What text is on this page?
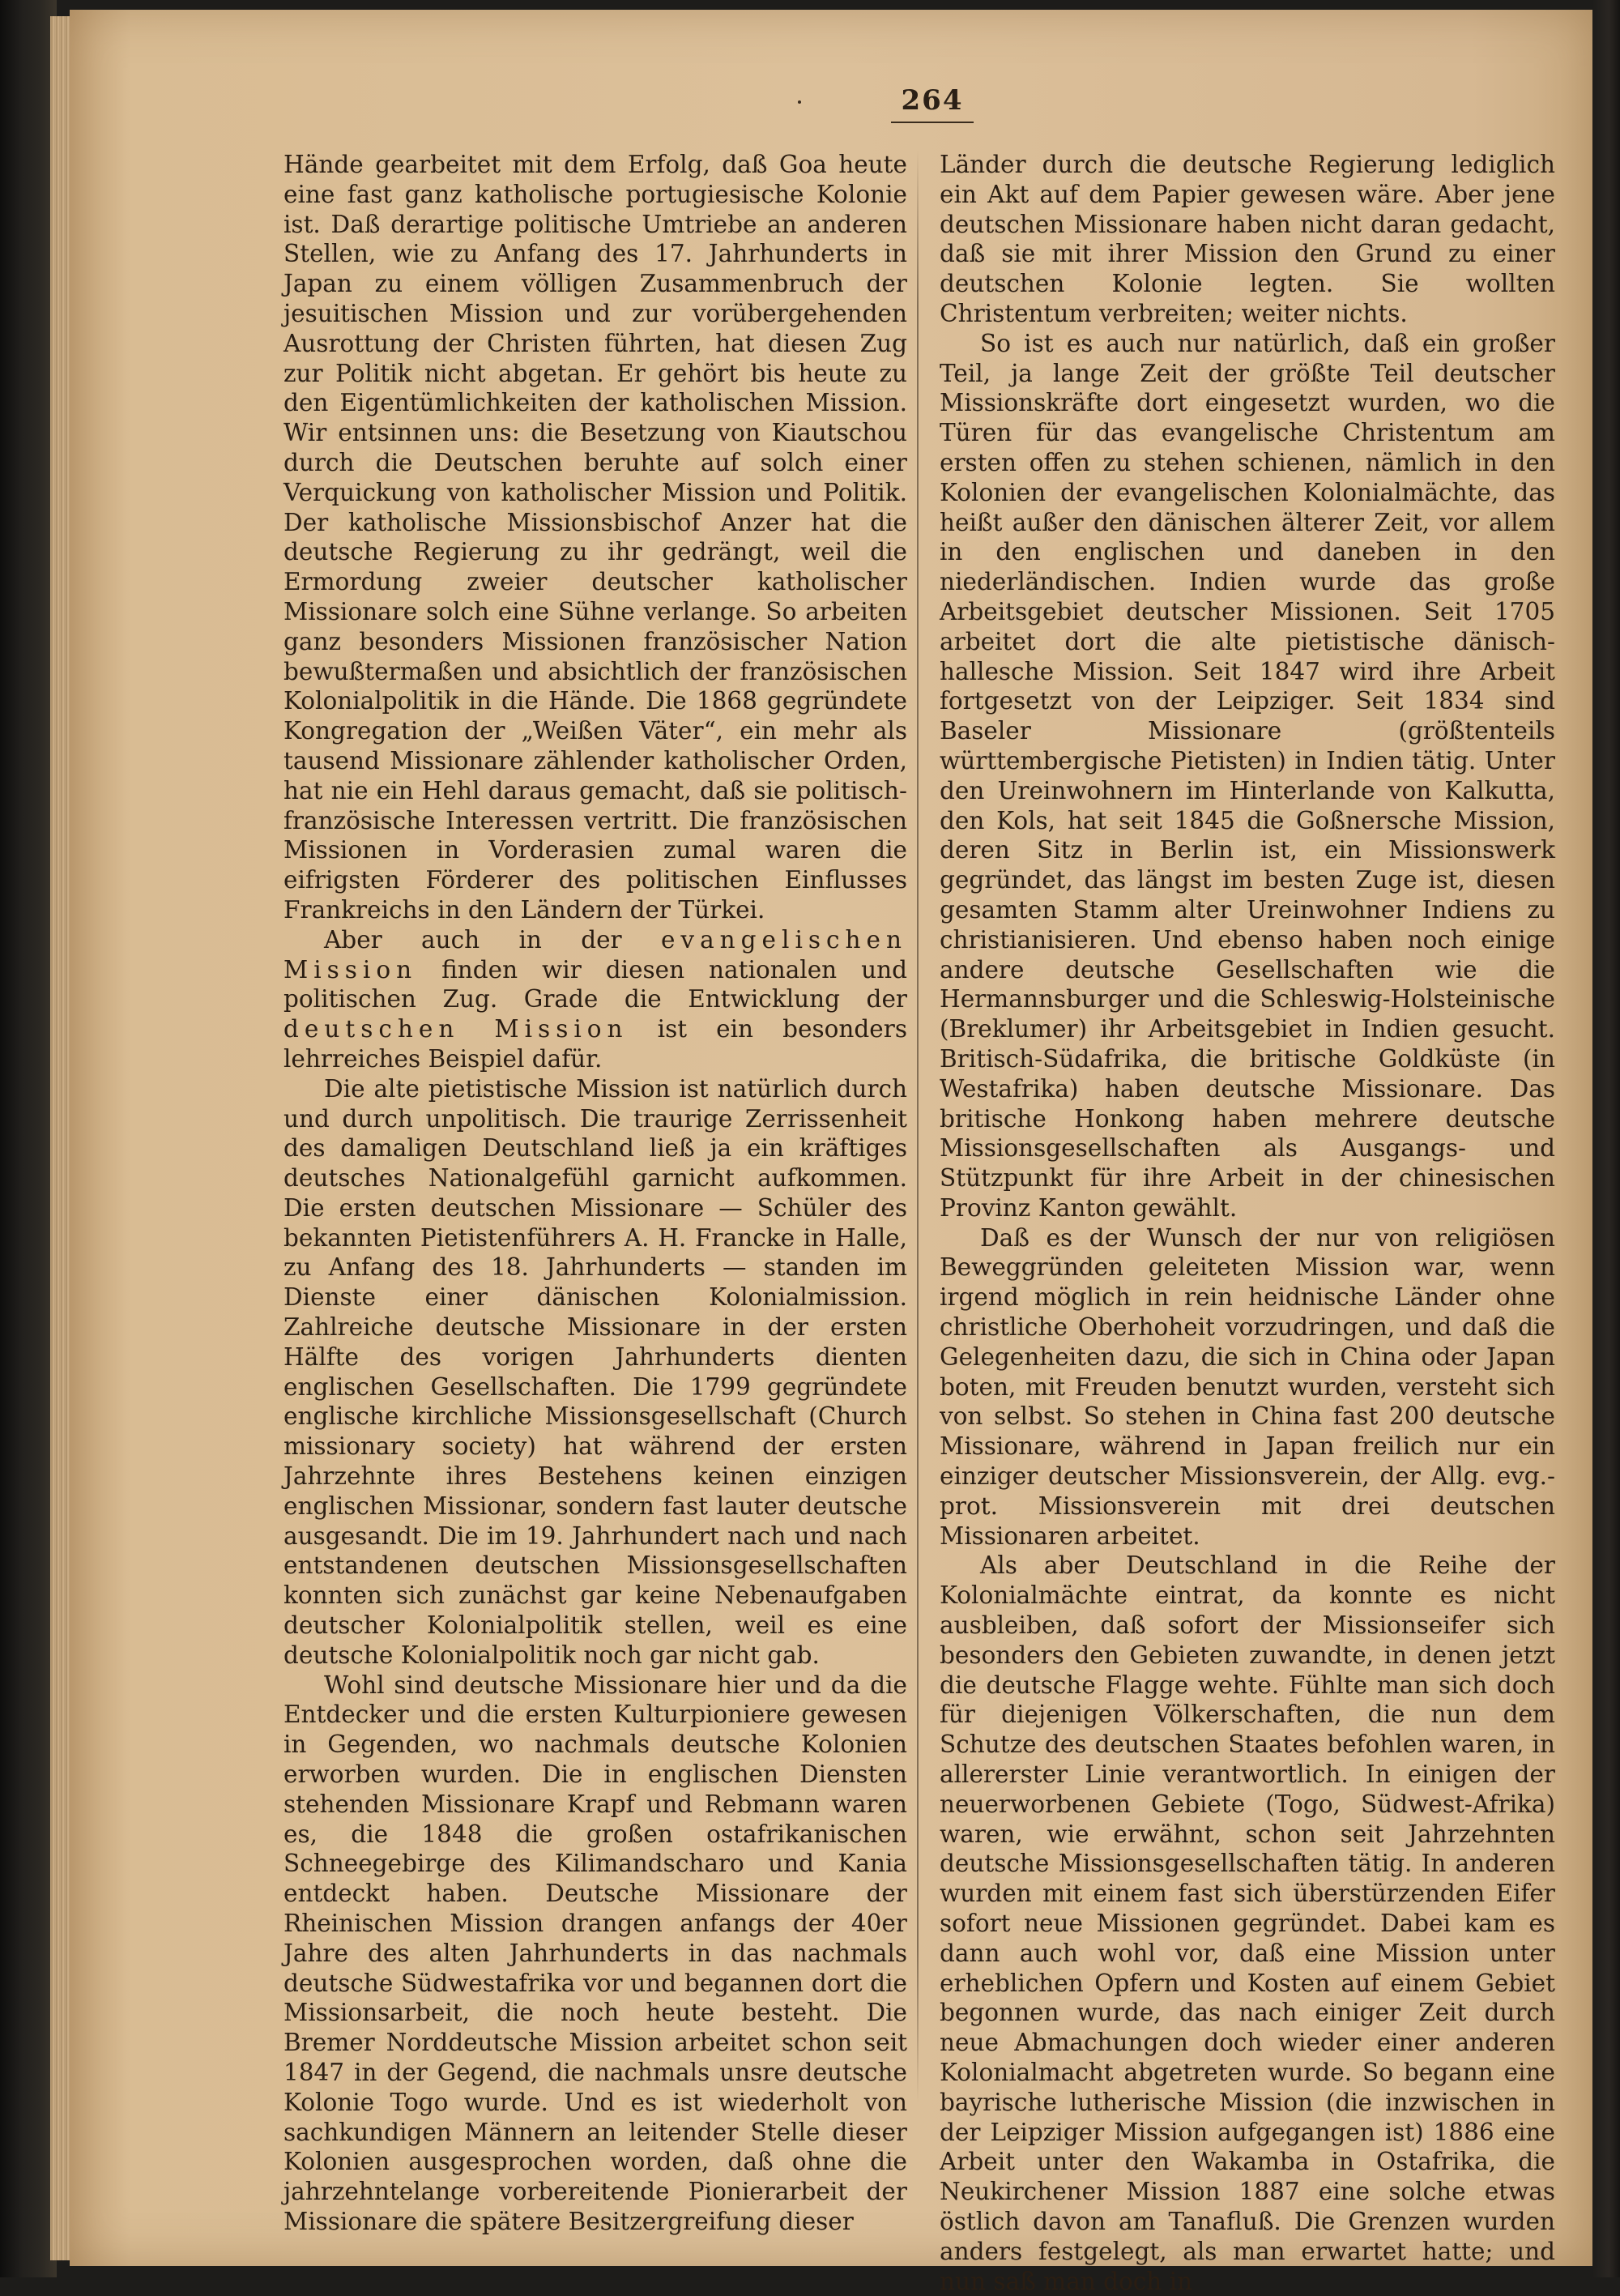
264

Hände gearbeitet mit dem Erfolg, daß Goa heute eine fast ganz katholische portugiesische Kolonie ist. Daß derartige politische Umtriebe an anderen Stellen, wie zu Anfang des 17. Jahrhunderts in Japan zu einem völligen Zusammenbruch der jesuitischen Mission und zur vorübergehenden Ausrottung der Christen führten, hat diesen Zug zur Politik nicht abgetan. Er gehört bis heute zu den Eigentümlichkeiten der katholischen Mission. Wir entsinnen uns: die Besetzung von Kiautschou durch die Deutschen beruhte auf solch einer Verquickung von katholischer Mission und Politik. Der katholische Missionsbischof Anzer hat die deutsche Regierung zu ihr gedrängt, weil die Ermordung zweier deutscher katholischer Missionare solch eine Sühne verlange. So arbeiten ganz besonders Missionen französischer Nation bewußtermaßen und absichtlich der französischen Kolonialpolitik in die Hände. Die 1868 gegründete Kongregation der „Weißen Väter“, ein mehr als tausend Missionare zählender katholischer Orden, hat nie ein Hehl daraus gemacht, daß sie politisch-französische Interessen vertritt. Die französischen Missionen in Vorderasien zumal waren die eifrigsten Förderer des politischen Einflusses Frankreichs in den Ländern der Türkei.

Aber auch in der evangelischen Mission finden wir diesen nationalen und politischen Zug. Grade die Entwicklung der deutschen Mission ist ein besonders lehrreiches Beispiel dafür.

Die alte pietistische Mission ist natürlich durch und durch unpolitisch. Die traurige Zerrissenheit des damaligen Deutschland ließ ja ein kräftiges deutsches Nationalgefühl garnicht aufkommen. Die ersten deutschen Missionare — Schüler des bekannten Pietistenführers A. H. Francke in Halle, zu Anfang des 18. Jahrhunderts — standen im Dienste einer dänischen Kolonialmission. Zahlreiche deutsche Missionare in der ersten Hälfte des vorigen Jahrhunderts dienten englischen Gesellschaften. Die 1799 gegründete englische kirchliche Missionsgesellschaft (Church missionary society) hat während der ersten Jahrzehnte ihres Bestehens keinen einzigen englischen Missionar, sondern fast lauter deutsche ausgesandt. Die im 19. Jahrhundert nach und nach entstandenen deutschen Missionsgesellschaften konnten sich zunächst gar keine Nebenaufgaben deutscher Kolonialpolitik stellen, weil es eine deutsche Kolonialpolitik noch gar nicht gab.

Wohl sind deutsche Missionare hier und da die Entdecker und die ersten Kulturpioniere gewesen in Gegenden, wo nachmals deutsche Kolonien erworben wurden. Die in englischen Diensten stehenden Missionare Krapf und Rebmann waren es, die 1848 die großen ostafrikanischen Schneegebirge des Kilimandscharo und Kania entdeckt haben. Deutsche Missionare der Rheinischen Mission drangen anfangs der 40er Jahre des alten Jahrhunderts in das nachmals deutsche Südwestafrika vor und begannen dort die Missionsarbeit, die noch heute besteht. Die Bremer Norddeutsche Mission arbeitet schon seit 1847 in der Gegend, die nachmals unsre deutsche Kolonie Togo wurde. Und es ist wiederholt von sachkundigen Männern an leitender Stelle dieser Kolonien ausgesprochen worden, daß ohne die jahrzehntelange vorbereitende Pionierarbeit der Missionare die spätere Besitzergreifung dieser

Länder durch die deutsche Regierung lediglich ein Akt auf dem Papier gewesen wäre. Aber jene deutschen Missionare haben nicht daran gedacht, daß sie mit ihrer Mission den Grund zu einer deutschen Kolonie legten. Sie wollten Christentum verbreiten; weiter nichts.

So ist es auch nur natürlich, daß ein großer Teil, ja lange Zeit der größte Teil deutscher Missionskräfte dort eingesetzt wurden, wo die Türen für das evangelische Christentum am ersten offen zu stehen schienen, nämlich in den Kolonien der evangelischen Kolonialmächte, das heißt außer den dänischen älterer Zeit, vor allem in den englischen und daneben in den niederländischen. Indien wurde das große Arbeitsgebiet deutscher Missionen. Seit 1705 arbeitet dort die alte pietistische dänisch-hallesche Mission. Seit 1847 wird ihre Arbeit fortgesetzt von der Leipziger. Seit 1834 sind Baseler Missionare (größtenteils württembergische Pietisten) in Indien tätig. Unter den Ureinwohnern im Hinterlande von Kalkutta, den Kols, hat seit 1845 die Goßnersche Mission, deren Sitz in Berlin ist, ein Missionswerk gegründet, das längst im besten Zuge ist, diesen gesamten Stamm alter Ureinwohner Indiens zu christianisieren. Und ebenso haben noch einige andere deutsche Gesellschaften wie die Hermannsburger und die Schleswig-Holsteinische (Breklumer) ihr Arbeitsgebiet in Indien gesucht. Britisch-Südafrika, die britische Goldküste (in Westafrika) haben deutsche Missionare. Das britische Honkong haben mehrere deutsche Missionsgesellschaften als Ausgangs- und Stützpunkt für ihre Arbeit in der chinesischen Provinz Kanton gewählt.

Daß es der Wunsch der nur von religiösen Beweggründen geleiteten Mission war, wenn irgend möglich in rein heidnische Länder ohne christliche Oberhoheit vorzudringen, und daß die Gelegenheiten dazu, die sich in China oder Japan boten, mit Freuden benutzt wurden, versteht sich von selbst. So stehen in China fast 200 deutsche Missionare, während in Japan freilich nur ein einziger deutscher Missionsverein, der Allg. evg.-prot. Missionsverein mit drei deutschen Missionaren arbeitet.

Als aber Deutschland in die Reihe der Kolonialmächte eintrat, da konnte es nicht ausbleiben, daß sofort der Missionseifer sich besonders den Gebieten zuwandte, in denen jetzt die deutsche Flagge wehte. Fühlte man sich doch für diejenigen Völkerschaften, die nun dem Schutze des deutschen Staates befohlen waren, in allererster Linie verantwortlich. In einigen der neuerworbenen Gebiete (Togo, Südwest-Afrika) waren, wie erwähnt, schon seit Jahrzehnten deutsche Missionsgesellschaften tätig. In anderen wurden mit einem fast sich überstürzenden Eifer sofort neue Missionen gegründet. Dabei kam es dann auch wohl vor, daß eine Mission unter erheblichen Opfern und Kosten auf einem Gebiet begonnen wurde, das nach einiger Zeit durch neue Abmachungen doch wieder einer anderen Kolonialmacht abgetreten wurde. So begann eine bayrische lutherische Mission (die inzwischen in der Leipziger Mission aufgegangen ist) 1886 eine Arbeit unter den Wakamba in Ostafrika, die Neukirchener Mission 1887 eine solche etwas östlich davon am Tanafluß. Die Grenzen wurden anders festgelegt, als man erwartet hatte; und nun saß man doch in
